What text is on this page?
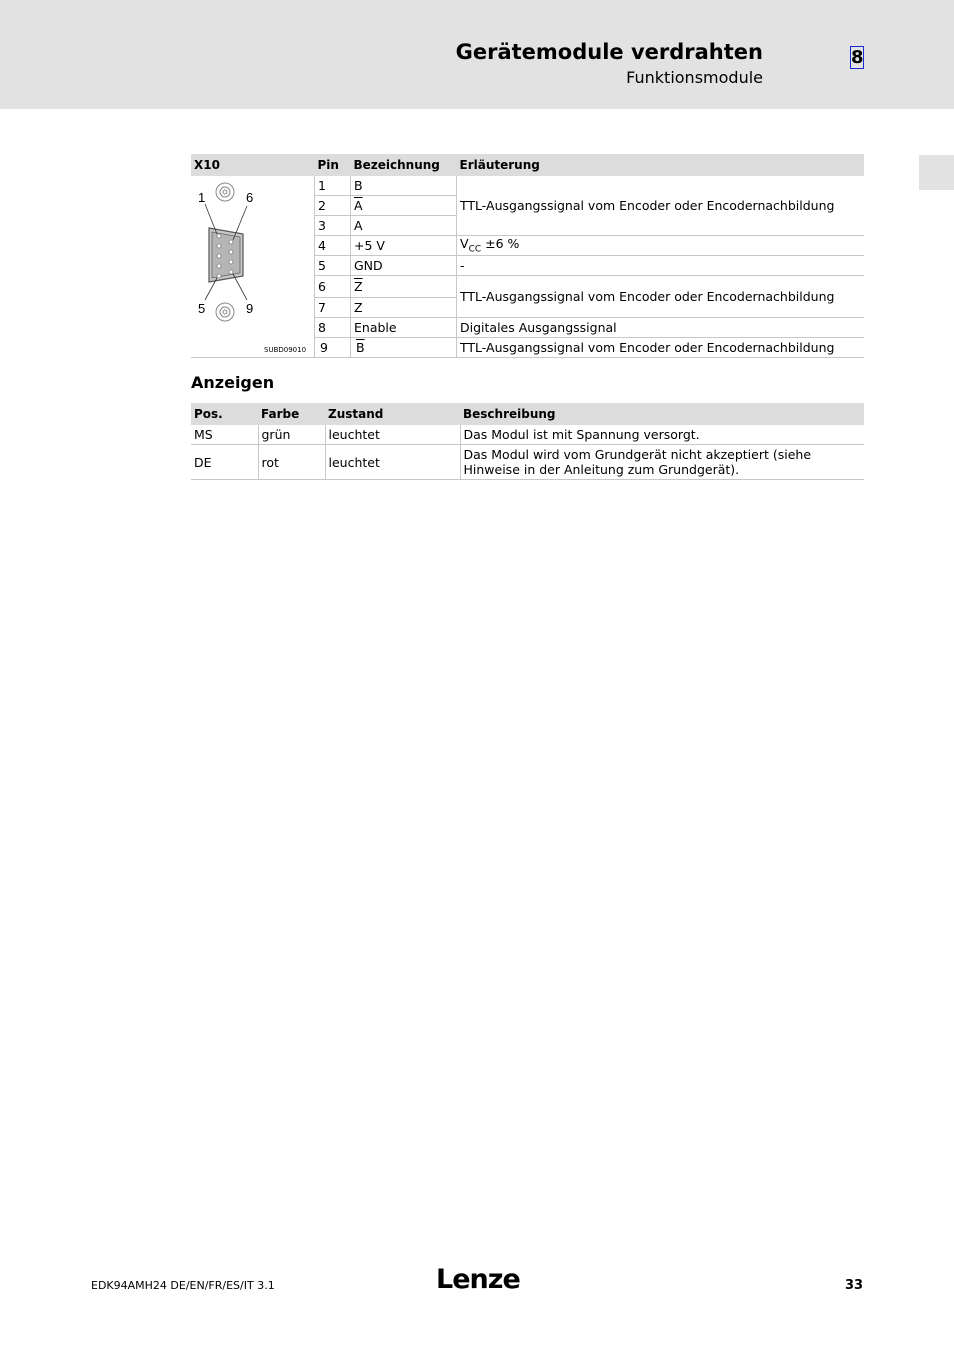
Gerätemodule verdrahten
Funktionsmodule
8
X10	Pin	Bezeichnung	Erläuterung

1 6
5 9
SUBD09010	1	B	TTL-Ausgangssignal vom Encoder oder Encodernachbildung
	2	$\overline{A}$
	3	A	
	4	+5 V	$V_{CC} \pm 6$ %
	5	GND	-
	6	$\overline{Z}$	TTL-Ausgangssignal vom Encoder oder Encodernachbildung
	7	Z	
	8	Enable	Digitales Ausgangssignal
	9	$\overline{B}$	TTL-Ausgangssignal vom Encoder oder Encodernachbildung
Anzeigen
Pos.	Farbe	Zustand	Beschreibung
MS	grün	leuchtet	Das Modul ist mit Spannung versorgt.
DE	rot	leuchtet	Das Modul wird vom Grundgerät nicht akzeptiert (siehe Hinweise in der Anleitung zum Grundgerät).
EDK94AMH24 DE/EN/FR/ES/IT 3.1	Lenze	33
